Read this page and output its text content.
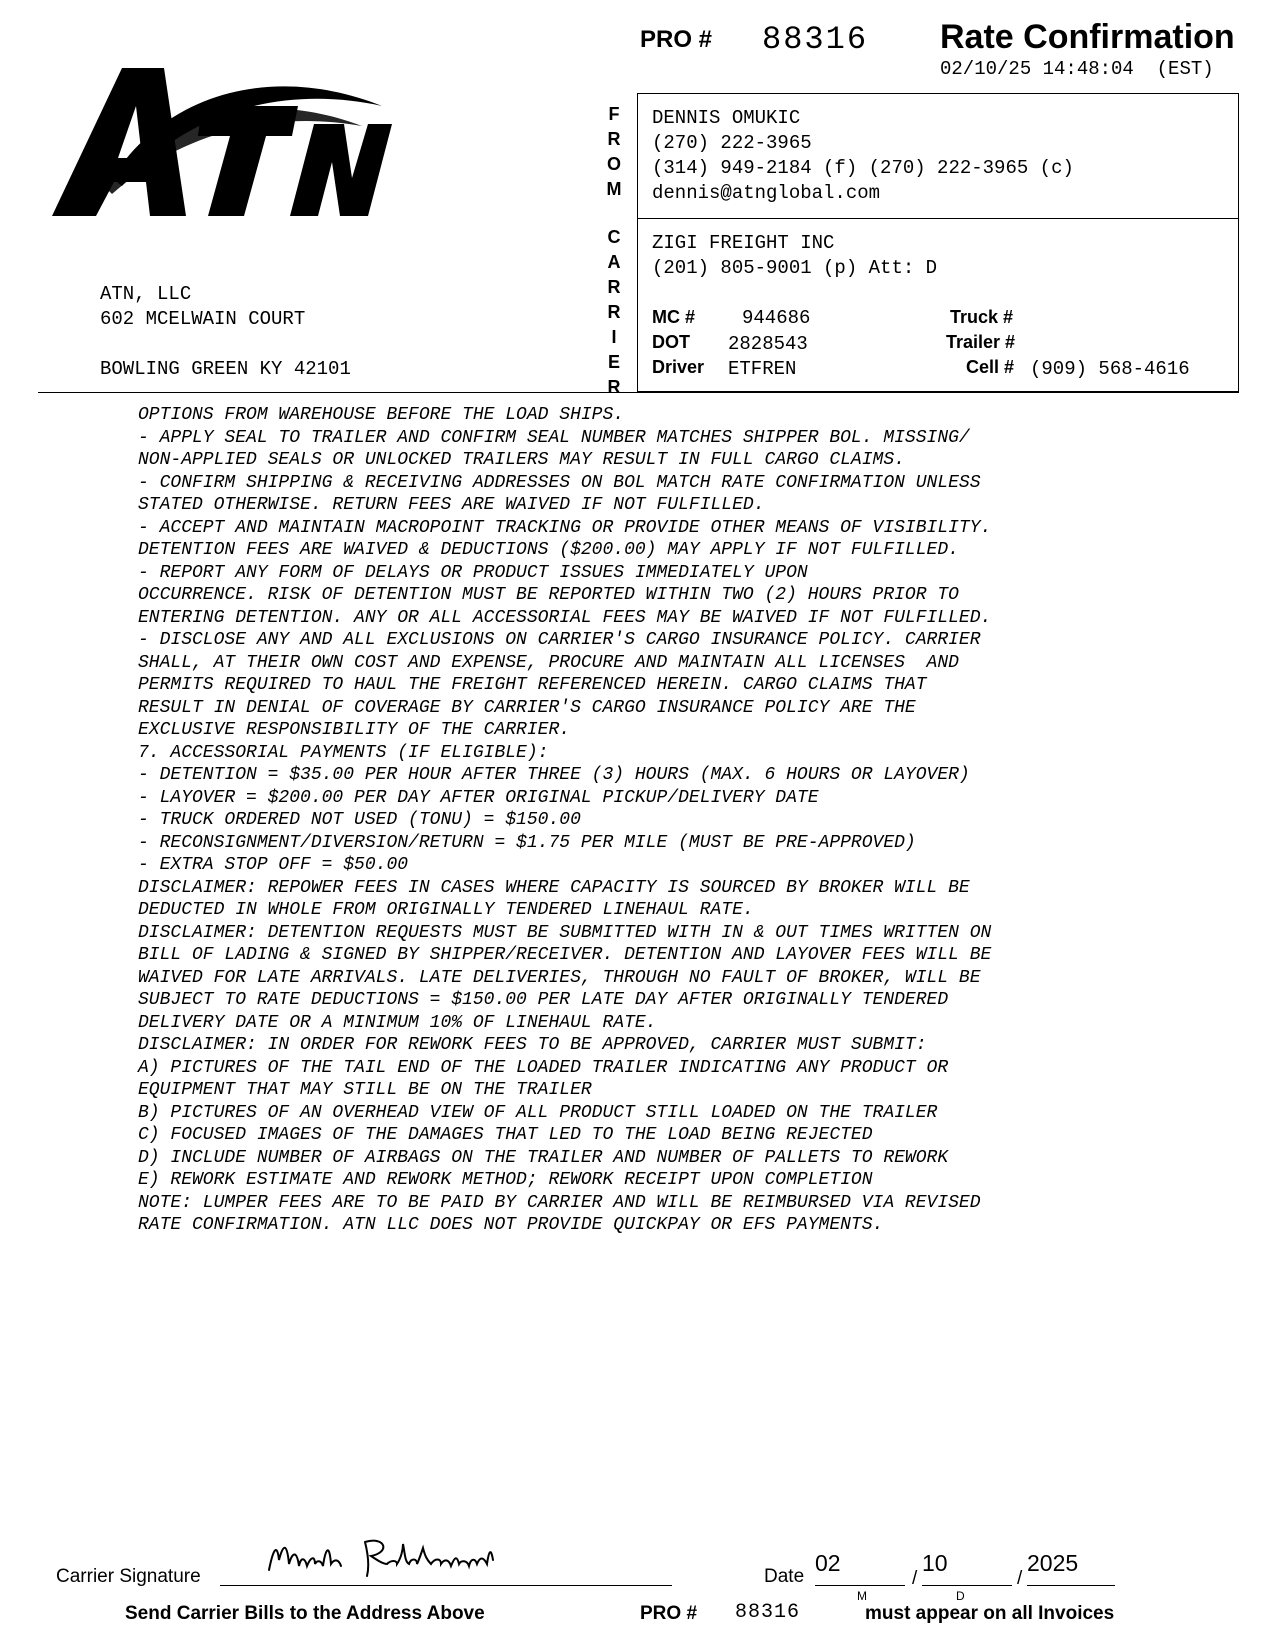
PRO # 88316 Rate Confirmation
02/10/25 14:48:04  (EST)
ATN, LLC
602 MCELWAIN COURT
BOWLING GREEN KY 42101
F
R
O
M
C
A
R
R
I
E
R
DENNIS OMUKIC
(270) 222-3965
(314) 949-2184 (f) (270) 222-3965 (c)
dennis@atnglobal.com
ZIGI FREIGHT INC
(201) 805-9001 (p) Att: D
MC # 944686
DOT 2828543
Driver ETFREN
Truck #
Trailer #
Cell # (909) 568-4616
OPTIONS FROM WAREHOUSE BEFORE THE LOAD SHIPS.
- APPLY SEAL TO TRAILER AND CONFIRM SEAL NUMBER MATCHES SHIPPER BOL. MISSING/
NON-APPLIED SEALS OR UNLOCKED TRAILERS MAY RESULT IN FULL CARGO CLAIMS.
- CONFIRM SHIPPING & RECEIVING ADDRESSES ON BOL MATCH RATE CONFIRMATION UNLESS
STATED OTHERWISE. RETURN FEES ARE WAIVED IF NOT FULFILLED.
- ACCEPT AND MAINTAIN MACROPOINT TRACKING OR PROVIDE OTHER MEANS OF VISIBILITY.
DETENTION FEES ARE WAIVED & DEDUCTIONS ($200.00) MAY APPLY IF NOT FULFILLED.
- REPORT ANY FORM OF DELAYS OR PRODUCT ISSUES IMMEDIATELY UPON
OCCURRENCE. RISK OF DETENTION MUST BE REPORTED WITHIN TWO (2) HOURS PRIOR TO
ENTERING DETENTION. ANY OR ALL ACCESSORIAL FEES MAY BE WAIVED IF NOT FULFILLED.
- DISCLOSE ANY AND ALL EXCLUSIONS ON CARRIER'S CARGO INSURANCE POLICY. CARRIER
SHALL, AT THEIR OWN COST AND EXPENSE, PROCURE AND MAINTAIN ALL LICENSES  AND
PERMITS REQUIRED TO HAUL THE FREIGHT REFERENCED HEREIN. CARGO CLAIMS THAT
RESULT IN DENIAL OF COVERAGE BY CARRIER'S CARGO INSURANCE POLICY ARE THE
EXCLUSIVE RESPONSIBILITY OF THE CARRIER.
7. ACCESSORIAL PAYMENTS (IF ELIGIBLE):
- DETENTION = $35.00 PER HOUR AFTER THREE (3) HOURS (MAX. 6 HOURS OR LAYOVER)
- LAYOVER = $200.00 PER DAY AFTER ORIGINAL PICKUP/DELIVERY DATE
- TRUCK ORDERED NOT USED (TONU) = $150.00
- RECONSIGNMENT/DIVERSION/RETURN = $1.75 PER MILE (MUST BE PRE-APPROVED)
- EXTRA STOP OFF = $50.00
DISCLAIMER: REPOWER FEES IN CASES WHERE CAPACITY IS SOURCED BY BROKER WILL BE
DEDUCTED IN WHOLE FROM ORIGINALLY TENDERED LINEHAUL RATE.
DISCLAIMER: DETENTION REQUESTS MUST BE SUBMITTED WITH IN & OUT TIMES WRITTEN ON
BILL OF LADING & SIGNED BY SHIPPER/RECEIVER. DETENTION AND LAYOVER FEES WILL BE
WAIVED FOR LATE ARRIVALS. LATE DELIVERIES, THROUGH NO FAULT OF BROKER, WILL BE
SUBJECT TO RATE DEDUCTIONS = $150.00 PER LATE DAY AFTER ORIGINALLY TENDERED
DELIVERY DATE OR A MINIMUM 10% OF LINEHAUL RATE.
DISCLAIMER: IN ORDER FOR REWORK FEES TO BE APPROVED, CARRIER MUST SUBMIT:
A) PICTURES OF THE TAIL END OF THE LOADED TRAILER INDICATING ANY PRODUCT OR
EQUIPMENT THAT MAY STILL BE ON THE TRAILER
B) PICTURES OF AN OVERHEAD VIEW OF ALL PRODUCT STILL LOADED ON THE TRAILER
C) FOCUSED IMAGES OF THE DAMAGES THAT LED TO THE LOAD BEING REJECTED
D) INCLUDE NUMBER OF AIRBAGS ON THE TRAILER AND NUMBER OF PALLETS TO REWORK
E) REWORK ESTIMATE AND REWORK METHOD; REWORK RECEIPT UPON COMPLETION
NOTE: LUMPER FEES ARE TO BE PAID BY CARRIER AND WILL BE REIMBURSED VIA REVISED
RATE CONFIRMATION. ATN LLC DOES NOT PROVIDE QUICKPAY OR EFS PAYMENTS.
Carrier Signature	Date
02
M
/
10
D
/
2025
Send Carrier Bills to the Address Above	PRO # 88316	must appear on all Invoices
